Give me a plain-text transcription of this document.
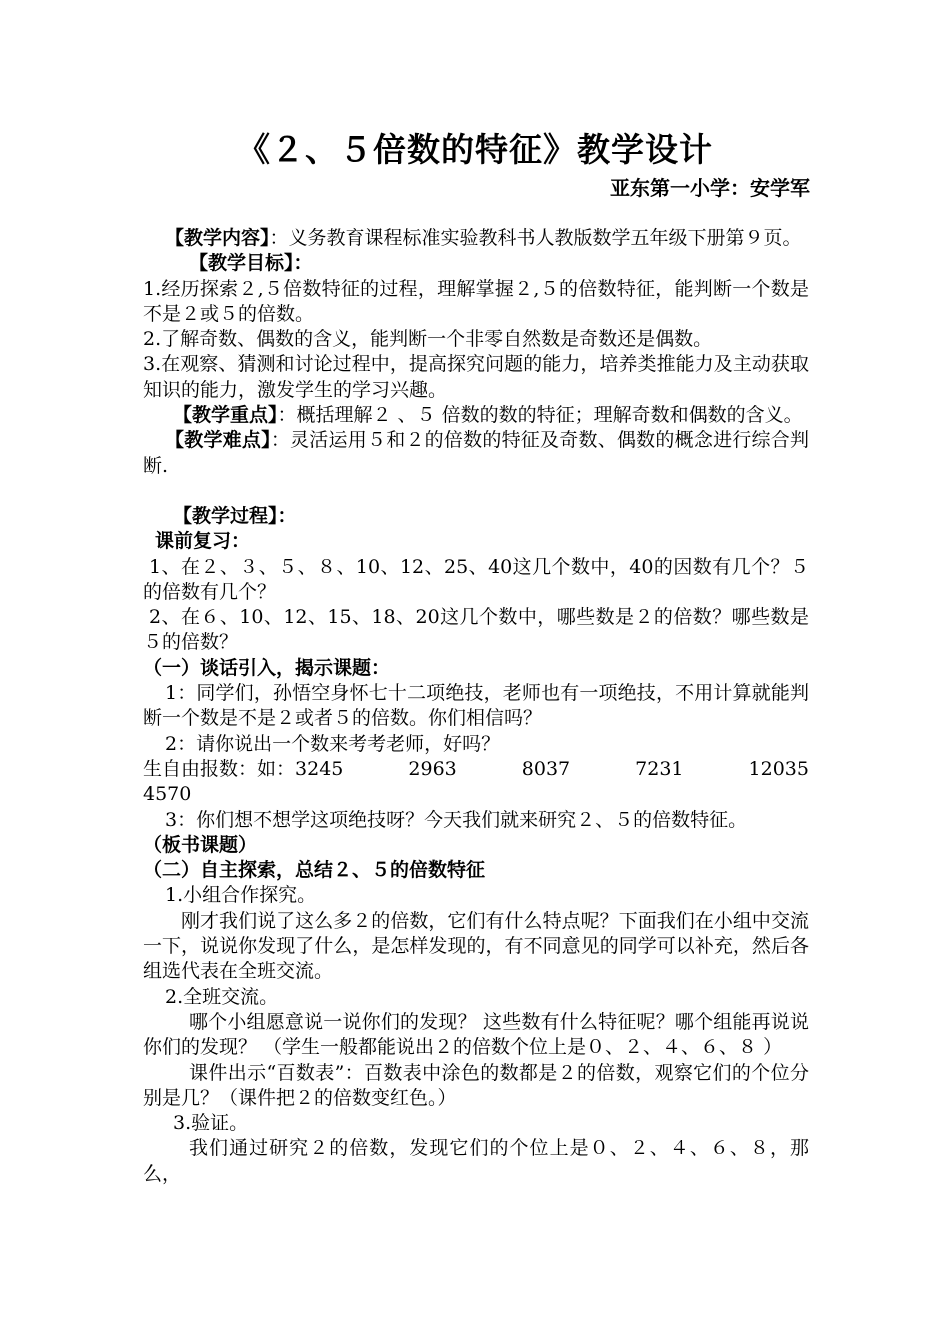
《２、５倍数的特征》教学设计
亚东第一小学：安学军

【教学内容】：义务教育课程标准实验教科书人教版数学五年级下册第９页。

【教学目标】：

1.经历探索２,５倍数特征的过程，理解掌握２,５的倍数特征，能判断一个数是不是２或５的倍数。

2.了解奇数、偶数的含义，能判断一个非零自然数是奇数还是偶数。

3.在观察、猜测和讨论过程中，提高探究问题的能力，培养类推能力及主动获取知识的能力，激发学生的学习兴趣。

【教学重点】：概括理解２ 、５ 倍数的数的特征；理解奇数和偶数的含义。

【教学难点】：灵活运用５和２的倍数的特征及奇数、偶数的概念进行综合判断.

【教学过程】：

课前复习：

1、在２、３、５、８、10、12、25、40这几个数中，40的因数有几个？５的倍数有几个？

2、在６、10、12、15、18、20这几个数中，哪些数是２的倍数？哪些数是５的倍数？

（一）谈话引入，揭示课题：

1：同学们，孙悟空身怀七十二项绝技，老师也有一项绝技，不用计算就能判断一个数是不是２或者５的倍数。你们相信吗？

2：请你说出一个数来考考老师，好吗？

生自由报数：如：3245	2963	8037	7231	12035

4570

3：你们想不想学这项绝技呀？今天我们就来研究２、５的倍数特征。

（板书课题）

（二）自主探索，总结２、５的倍数特征

1.小组合作探究。

刚才我们说了这么多２的倍数，它们有什么特点呢？下面我们在小组中交流一下，说说你发现了什么，是怎样发现的，有不同意见的同学可以补充，然后各组选代表在全班交流。

2.全班交流。

哪个小组愿意说一说你们的发现？ 这些数有什么特征呢？哪个组能再说说你们的发现？ （学生一般都能说出２的倍数个位上是０、２、４、６、８ ）

课件出示“百数表”：百数表中涂色的数都是２的倍数，观察它们的个位分别是几？（课件把２的倍数变红色。）

3.验证。

我们通过研究２的倍数，发现它们的个位上是０、２、４、６、８，那么，
